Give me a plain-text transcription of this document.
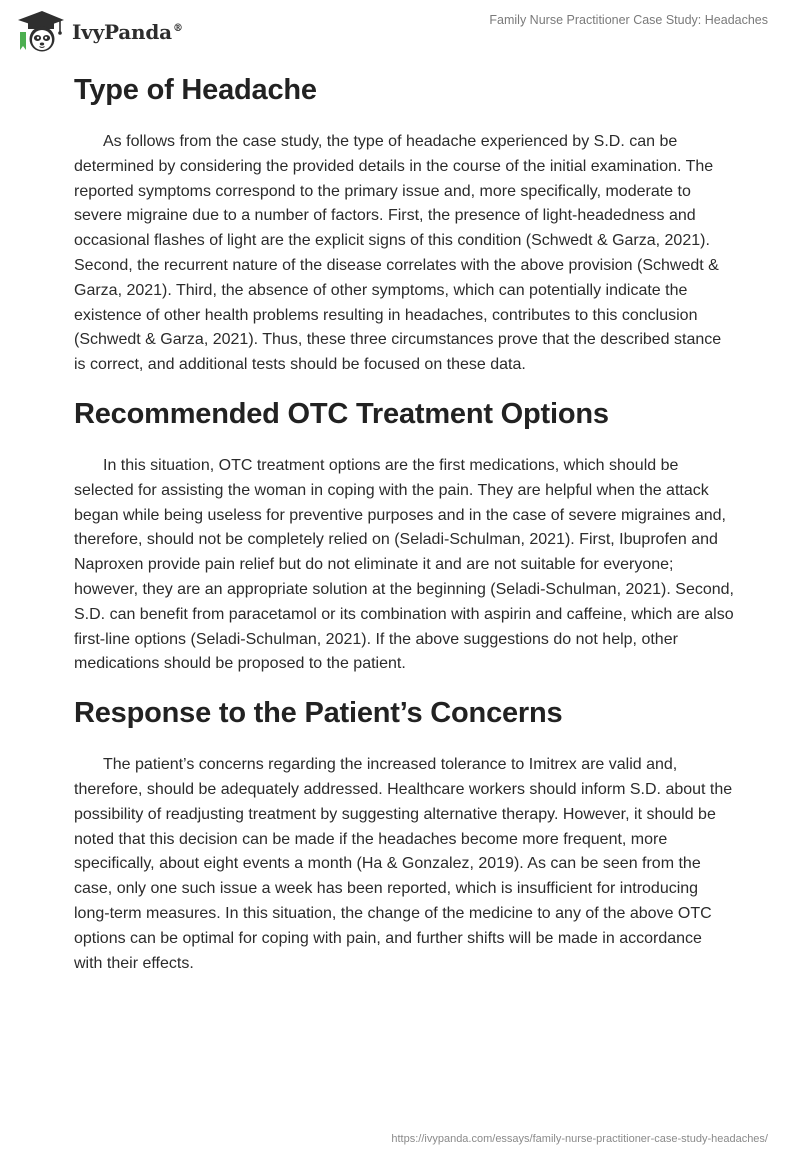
IvyPanda®
Family Nurse Practitioner Case Study: Headaches
Type of Headache

As follows from the case study, the type of headache experienced by S.D. can be determined by considering the provided details in the course of the initial examination. The reported symptoms correspond to the primary issue and, more specifically, moderate to severe migraine due to a number of factors. First, the presence of light-headedness and occasional flashes of light are the explicit signs of this condition (Schwedt & Garza, 2021). Second, the recurrent nature of the disease correlates with the above provision (Schwedt & Garza, 2021). Third, the absence of other symptoms, which can potentially indicate the existence of other health problems resulting in headaches, contributes to this conclusion (Schwedt & Garza, 2021). Thus, these three circumstances prove that the described stance is correct, and additional tests should be focused on these data.

Recommended OTC Treatment Options

In this situation, OTC treatment options are the first medications, which should be selected for assisting the woman in coping with the pain. They are helpful when the attack began while being useless for preventive purposes and in the case of severe migraines and, therefore, should not be completely relied on (Seladi-Schulman, 2021). First, Ibuprofen and Naproxen provide pain relief but do not eliminate it and are not suitable for everyone; however, they are an appropriate solution at the beginning (Seladi-Schulman, 2021). Second, S.D. can benefit from paracetamol or its combination with aspirin and caffeine, which are also first-line options (Seladi-Schulman, 2021). If the above suggestions do not help, other medications should be proposed to the patient.

Response to the Patient’s Concerns

The patient’s concerns regarding the increased tolerance to Imitrex are valid and, therefore, should be adequately addressed. Healthcare workers should inform S.D. about the possibility of readjusting treatment by suggesting alternative therapy. However, it should be noted that this decision can be made if the headaches become more frequent, more specifically, about eight events a month (Ha & Gonzalez, 2019). As can be seen from the case, only one such issue a week has been reported, which is insufficient for introducing long-term measures. In this situation, the change of the medicine to any of the above OTC options can be optimal for coping with pain, and further shifts will be made in accordance with their effects.

https://ivypanda.com/essays/family-nurse-practitioner-case-study-headaches/
